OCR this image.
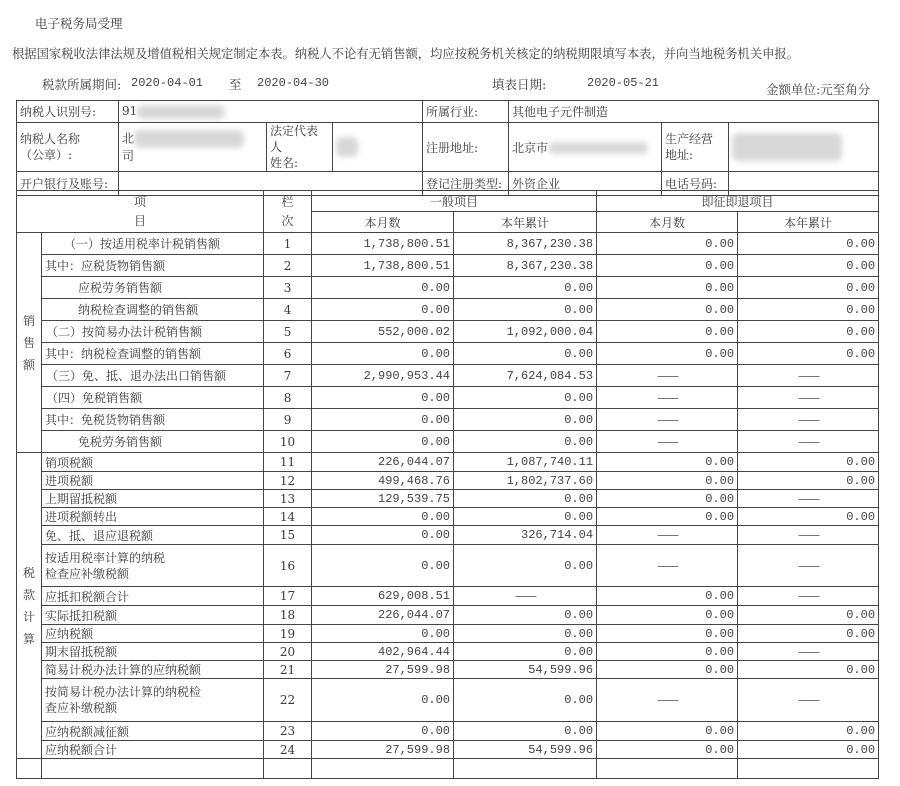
电子税务局受理
根据国家税收法律法规及增值税相关规定制定本表。纳税人不论有无销售额，均应按税务机关核定的纳税期限填写本表，并向当地税务机关申报。
税款所属期间: 2020-04-01 至 2020-04-30	填表日期:	2020-05-21	金额单位:元至角分
纳税人识别号:	91			所属行业:	其他电子元件制造		

纳税人名称
（公章）:

北
司

法定代表人
姓名:
		注册地址:	北京市	
生产经营
地址:

开户银行及账号:				登记注册类型:	外资企业	电话号码:	
项
目

栏
次
	一般项目	即征即退项目
			本月数	本年累计	本月数	本年累计

销售额	（一）按适用税率计税销售额	1	1,738,800.51	8,367,230.38	0.00	0.00
	其中：应税货物销售额	2	1,738,800.51	8,367,230.38	0.00	0.00
	应税劳务销售额	3	0.00	0.00	0.00	0.00
	纳税检查调整的销售额	4	0.00	0.00	0.00	0.00
	（二）按简易办法计税销售额	5	552,000.02	1,092,000.04	0.00	0.00
	其中：纳税检查调整的销售额	6	0.00	0.00	0.00	0.00
	（三）免、抵、退办法出口销售额	7	2,990,953.44	7,624,084.53	——	——
	（四）免税销售额	8	0.00	0.00	——	——
	其中：免税货物销售额	9	0.00	0.00	——	——
	免税劳务销售额	10	0.00	0.00	——	——

税款计算	销项税额	11	226,044.07	1,087,740.11	0.00	0.00
	进项税额	12	499,468.76	1,802,737.60	0.00	0.00
	上期留抵税额	13	129,539.75	0.00	0.00	——
	进项税额转出	14	0.00	0.00	0.00	0.00
	免、抵、退应退税额	15	0.00	326,714.04	——	——

	按适用税率计算的纳税
检查应补缴税额	16	0.00	0.00	——	——
	应抵扣税额合计	17	629,008.51	——	0.00	——
	实际抵扣税额	18	226,044.07	0.00	0.00	0.00
	应纳税额	19	0.00	0.00	0.00	0.00
	期末留抵税额	20	402,964.44	0.00	0.00	——
	简易计税办法计算的应纳税额	21	27,599.98	54,599.96	0.00	0.00

	按简易计税办法计算的纳税检
查应补缴税额	22	0.00	0.00	——	——
	应纳税额减征额	23	0.00	0.00	0.00	0.00
	应纳税额合计	24	27,599.98	54,599.96	0.00	0.00
